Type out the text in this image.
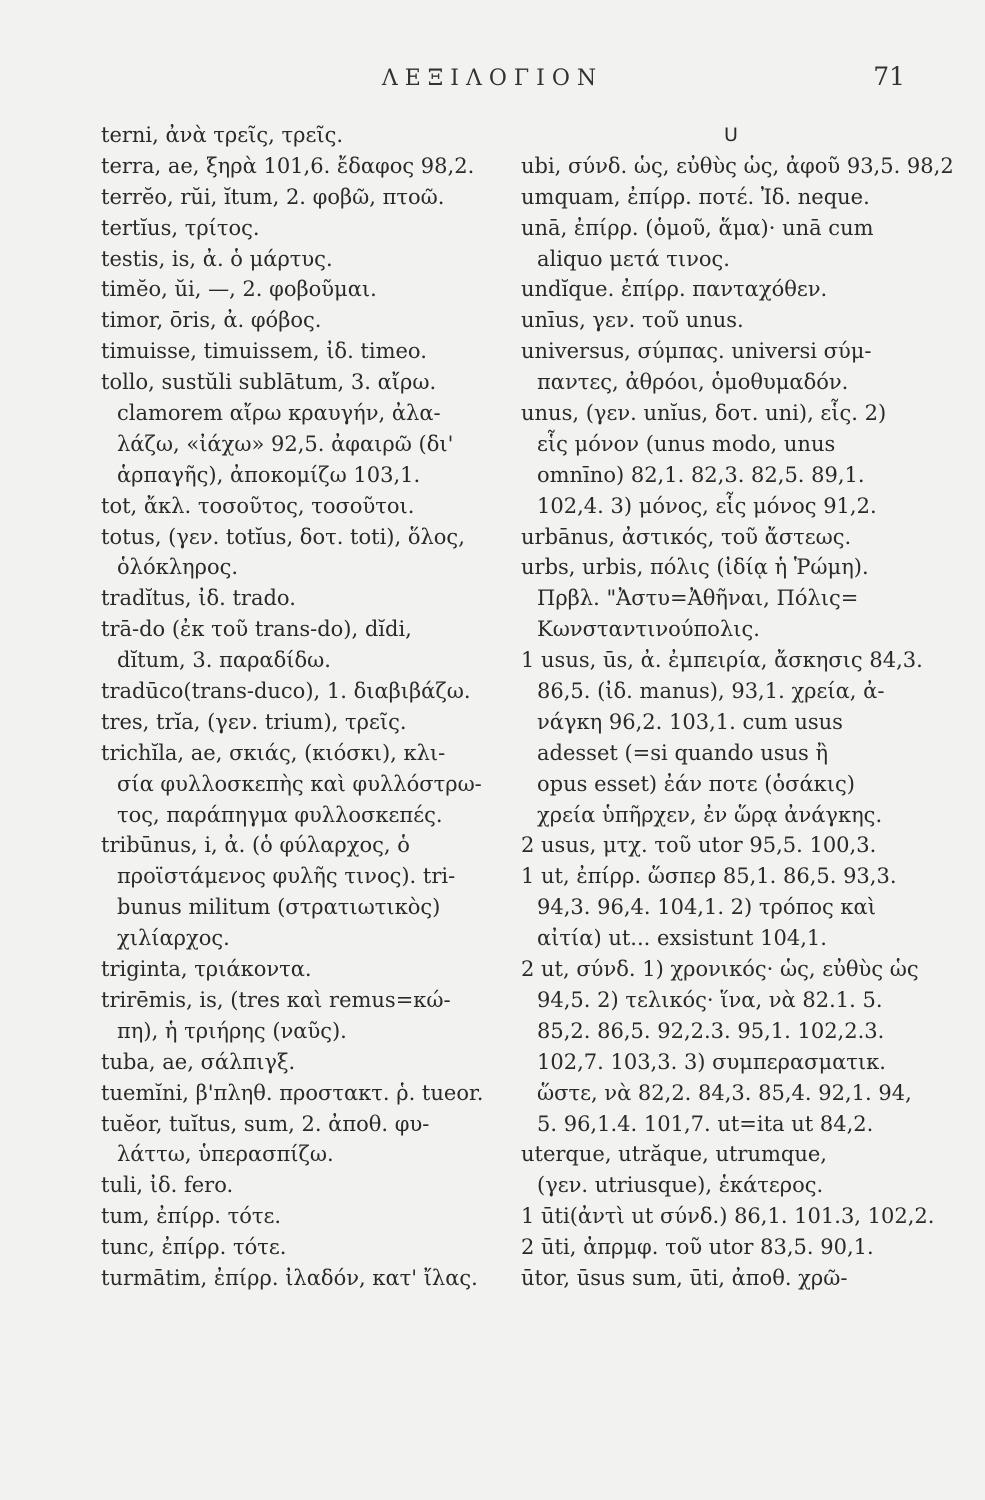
ΛΕΞΙΛΟΓΙΟΝ	71
terni, ἀνὰ τρεῖς, τρεῖς.
terra, ae, ξηρὰ 101,6. ἔδαφος 98,2.
terrĕo, rŭi, ĭtum, 2. φοβῶ, πτοῶ.
tertĭus, τρίτος.
testis, is, ἀ. ὁ μάρτυς.
timĕo, ŭi, —, 2. φοβοῦμαι.
timor, ōris, ἀ. φόβος.
timuisse, timuissem, ἰδ. timeo.
tollo, sustŭli sublātum, 3. αἴρω.
clamorem αἴρω κραυγήν, ἀλα-
λάζω, «ἰάχω» 92,5. ἀφαιρῶ (δι'
ἁρπαγῆς), ἀποκομίζω 103,1.
tot, ἄκλ. τοσοῦτος, τοσοῦτοι.
totus, (γεν. totĭus, δοτ. toti), ὅλος,
ὁλόκληρος.
tradĭtus, ἰδ. trado.
trā-do (ἐκ τοῦ trans-do), dĭdi,
dĭtum, 3. παραδίδω.
tradūco(trans-duco), 1. διαβιβάζω.
tres, trĭa, (γεν. trium), τρεῖς.
trichĭla, ae, σκιάς, (κιόσκι), κλι-
σία φυλλοσκεπὴς καὶ φυλλόστρω-
τος, παράπηγμα φυλλοσκεπές.
tribūnus, i, ἀ. (ὁ φύλαρχος, ὁ
προϊστάμενος φυλῆς τινος). tri-
bunus militum (στρατιωτικὸς)
χιλίαρχος.
triginta, τριάκοντα.
trirēmis, is, (tres καὶ remus=κώ-
πη), ἡ τριήρης (ναῦς).
tuba, ae, σάλπιγξ.
tuemĭni, β'πληθ. προστακτ. ῥ. tueor.
tuĕor, tuĭtus, sum, 2. ἀποθ. φυ-
λάττω, ὑπερασπίζω.
tuli, ἰδ. fero.
tum, ἐπίρρ. τότε.
tunc, ἐπίρρ. τότε.
turmātim, ἐπίρρ. ἰλαδόν, κατ' ἴλας.
U
ubi, σύνδ. ὡς, εὐθὺς ὡς, ἀφοῦ 93,5. 98,2
umquam, ἐπίρρ. ποτέ. Ἰδ. neque.
unā, ἐπίρρ. (ὁμοῦ, ἅμα)· unā cum
aliquo μετά τινος.
undĭque. ἐπίρρ. πανταχόθεν.
unīus, γεν. τοῦ unus.
universus, σύμπας. universi σύμ-
παντες, ἀθρόοι, ὁμοθυμαδόν.
unus, (γεν. unĭus, δοτ. uni), εἷς. 2)
εἷς μόνον (unus modo, unus
omnīno) 82,1. 82,3. 82,5. 89,1.
102,4. 3) μόνος, εἷς μόνος 91,2.
urbānus, ἀστικός, τοῦ ἄστεως.
urbs, urbis, πόλις (ἰδίᾳ ἡ Ῥώμη).
Πρβλ. "Ἀστυ=Ἀθῆναι, Πόλις=
Κωνσταντινούπολις.
1 usus, ūs, ἀ. ἐμπειρία, ἄσκησις 84,3.
86,5. (ἰδ. manus), 93,1. χρεία, ἀ-
νάγκη 96,2. 103,1. cum usus
adesset (=si quando usus ἢ
opus esset) ἐάν ποτε (ὁσάκις)
χρεία ὑπῆρχεν, ἐν ὥρᾳ ἀνάγκης.
2 usus, μτχ. τοῦ utor 95,5. 100,3.
1 ut, ἐπίρρ. ὥσπερ 85,1. 86,5. 93,3.
94,3. 96,4. 104,1. 2) τρόπος καὶ
αἰτία) ut... exsistunt 104,1.
2 ut, σύνδ. 1) χρονικός· ὡς, εὐθὺς ὡς
94,5. 2) τελικός· ἵνα, νὰ 82.1. 5.
85,2. 86,5. 92,2.3. 95,1. 102,2.3.
102,7. 103,3. 3) συμπερασματικ.
ὥστε, νὰ 82,2. 84,3. 85,4. 92,1. 94,
5. 96,1.4. 101,7. ut=ita ut 84,2.
uterque, utrăque, utrumque,
(γεν. utriusque), ἑκάτερος.
1 ūti(ἀντὶ ut σύνδ.) 86,1. 101.3, 102,2.
2 ūti, ἀπρμφ. τοῦ utor 83,5. 90,1.
ūtor, ūsus sum, ūti, ἀποθ. χρῶ-
